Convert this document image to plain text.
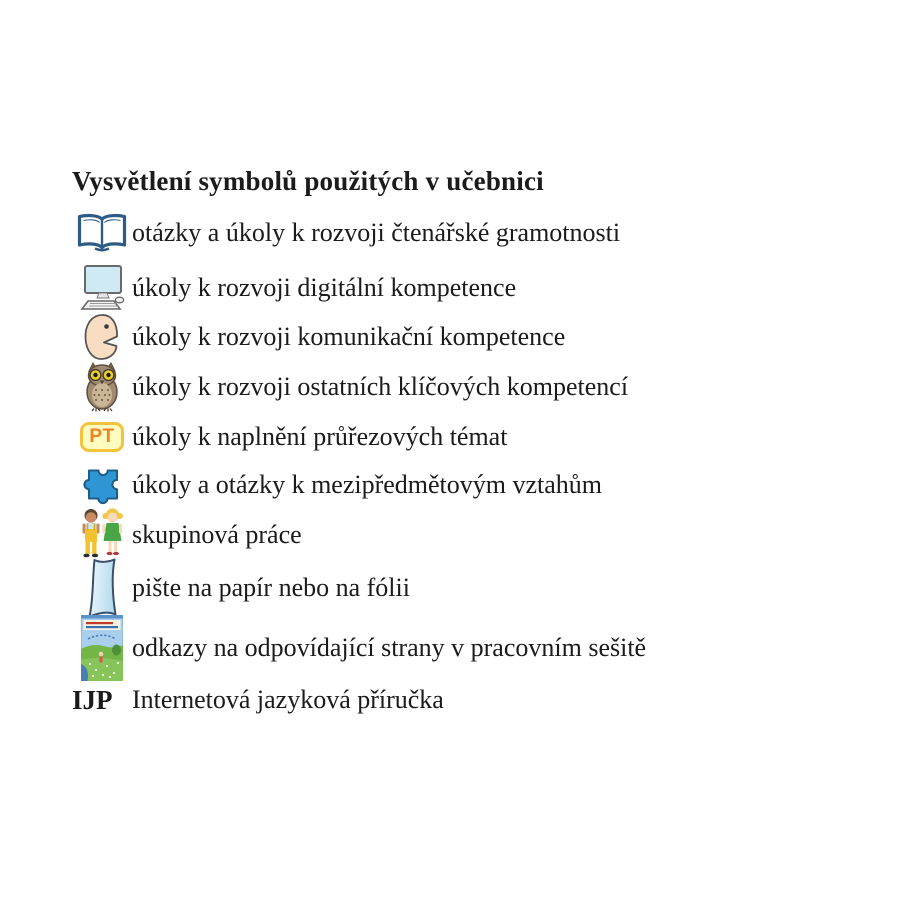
Vysvětlení symbolů použitých v učebnici
otázky a úkoly k rozvoji čtenářské gramotnosti
úkoly k rozvoji digitální kompetence
úkoly k rozvoji komunikační kompetence
úkoly k rozvoji ostatních klíčových kompetencí
PT úkoly k naplnění průřezových témat
úkoly a otázky k mezipředmětovým vztahům
skupinová práce
pište na papír nebo na fólii
odkazy na odpovídající strany v pracovním sešitě
IJP Internetová jazyková příručka
